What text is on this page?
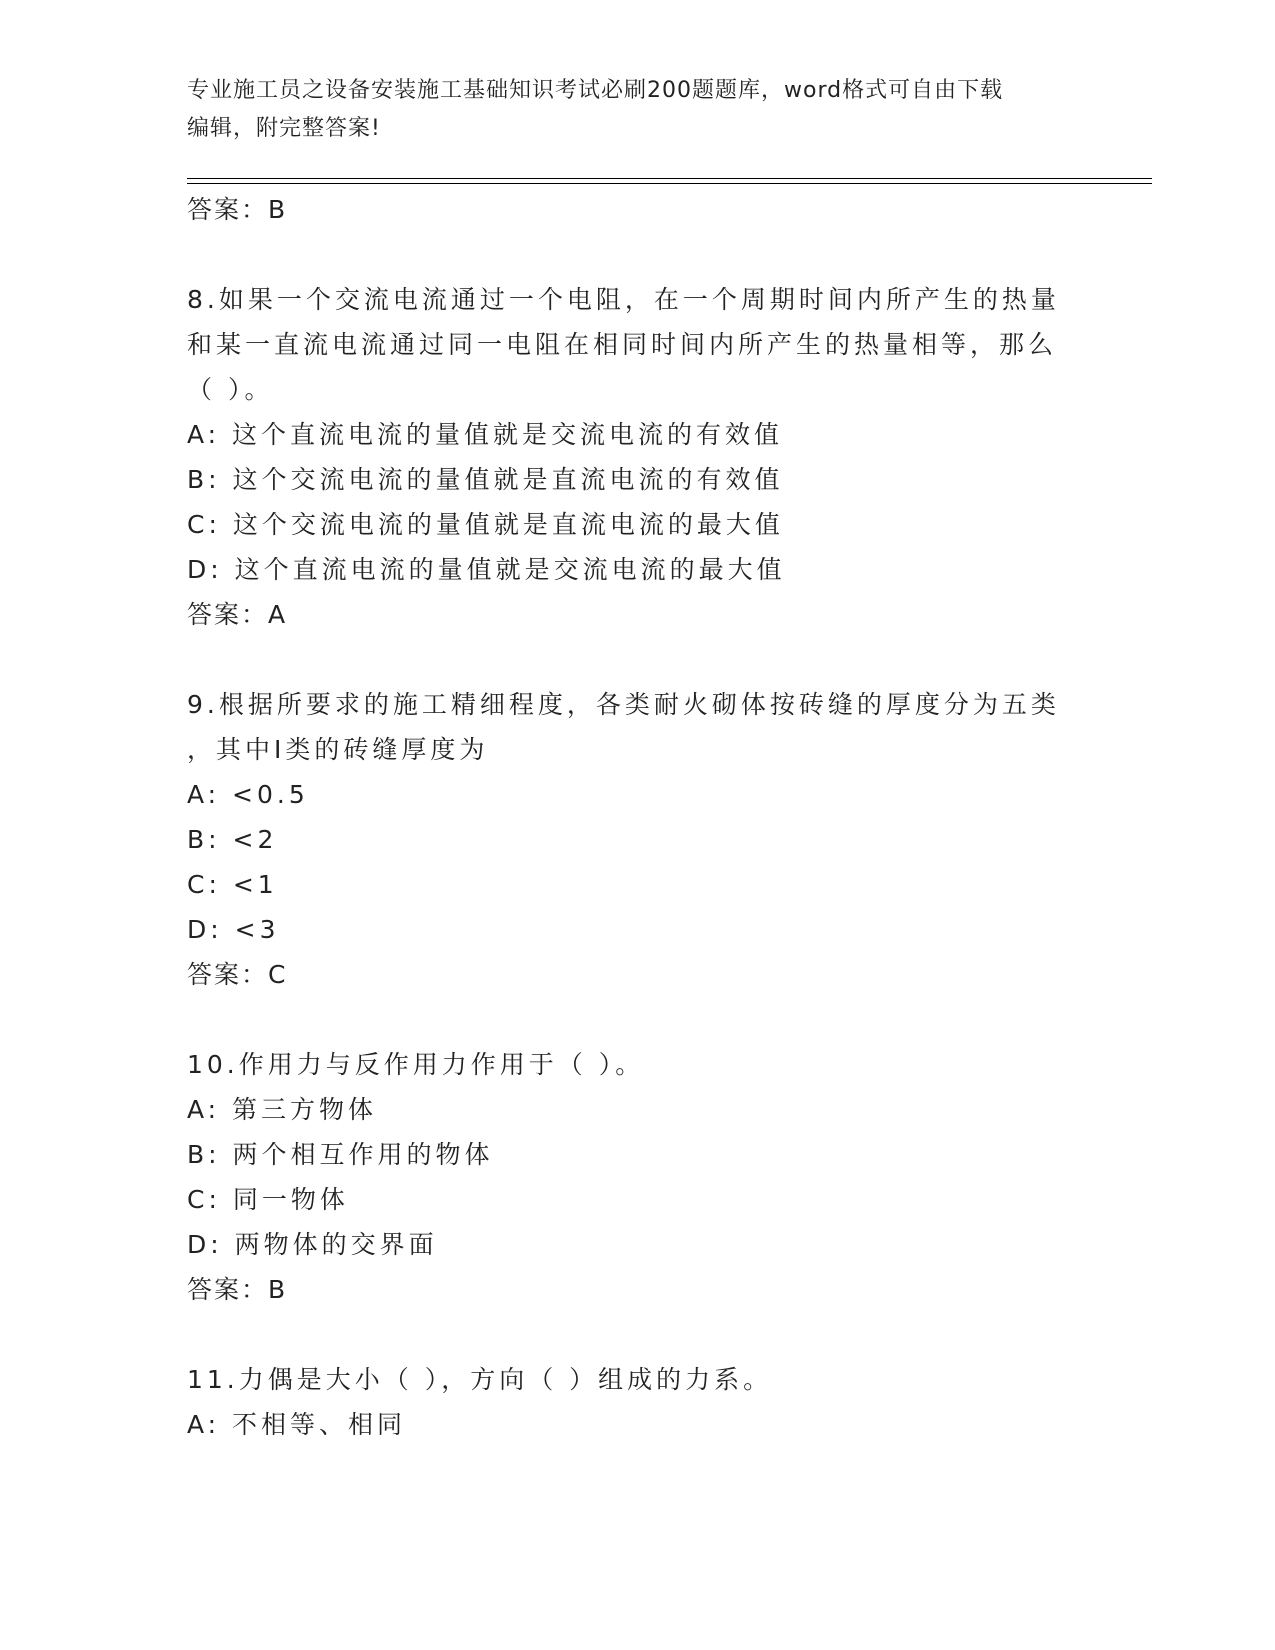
专业施工员之设备安装施工基础知识考试必刷200题题库，word格式可自由下载
编辑，附完整答案!
答案：B
8.如果一个交流电流通过一个电阻，在一个周期时间内所产生的热量
和某一直流电流通过同一电阻在相同时间内所产生的热量相等，那么
（ ）。
A: 这个直流电流的量值就是交流电流的有效值
B: 这个交流电流的量值就是直流电流的有效值
C: 这个交流电流的量值就是直流电流的最大值
D: 这个直流电流的量值就是交流电流的最大值
答案：A
9.根据所要求的施工精细程度，各类耐火砌体按砖缝的厚度分为五类
，其中Ⅰ类的砖缝厚度为
A: <0.5
B: <2
C: <1
D: <3
答案：C
10.作用力与反作用力作用于（ ）。
A: 第三方物体
B: 两个相互作用的物体
C: 同一物体
D: 两物体的交界面
答案：B
11.力偶是大小（ ），方向（ ）组成的力系。
A: 不相等、相同
